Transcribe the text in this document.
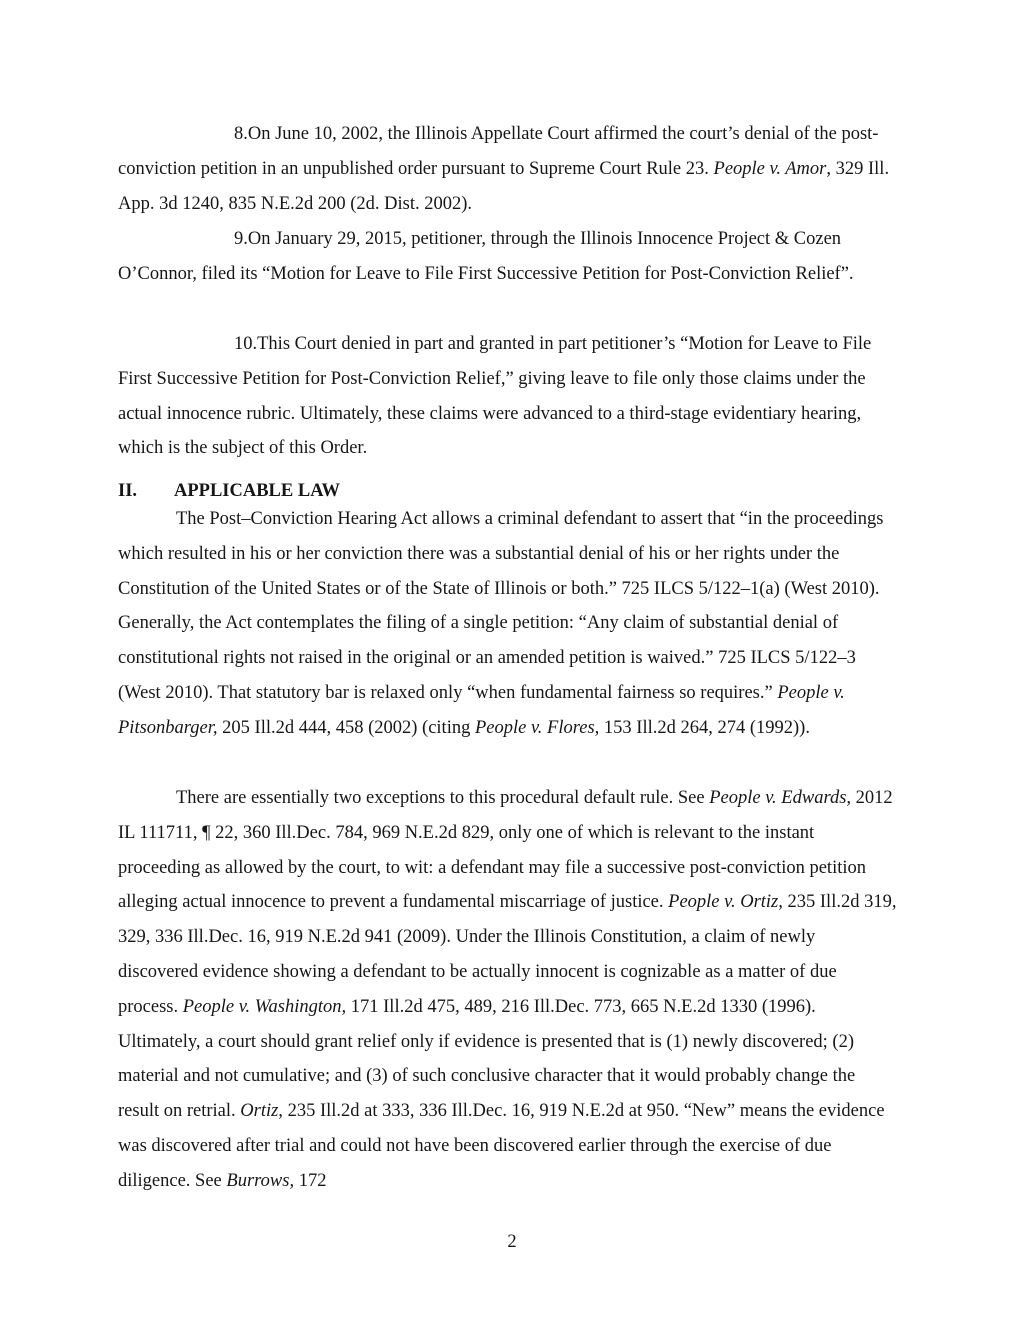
8.On June 10, 2002, the Illinois Appellate Court affirmed the court’s denial of the post-conviction petition in an unpublished order pursuant to Supreme Court Rule 23. People v. Amor, 329 Ill. App. 3d 1240, 835 N.E.2d 200 (2d. Dist. 2002).

9.On January 29, 2015, petitioner, through the Illinois Innocence Project & Cozen O’Connor, filed its “Motion for Leave to File First Successive Petition for Post-Conviction Relief”.

10.This Court denied in part and granted in part petitioner’s “Motion for Leave to File First Successive Petition for Post-Conviction Relief,” giving leave to file only those claims under the actual innocence rubric. Ultimately, these claims were advanced to a third-stage evidentiary hearing, which is the subject of this Order.

II. APPLICABLE LAW

The Post–Conviction Hearing Act allows a criminal defendant to assert that “in the proceedings which resulted in his or her conviction there was a substantial denial of his or her rights under the Constitution of the United States or of the State of Illinois or both.” 725 ILCS 5/122–1(a) (West 2010). Generally, the Act contemplates the filing of a single petition: “Any claim of substantial denial of constitutional rights not raised in the original or an amended petition is waived.” 725 ILCS 5/122–3 (West 2010). That statutory bar is relaxed only “when fundamental fairness so requires.” People v. Pitsonbarger, 205 Ill.2d 444, 458 (2002) (citing People v. Flores, 153 Ill.2d 264, 274 (1992)).

There are essentially two exceptions to this procedural default rule. See People v. Edwards, 2012 IL 111711, ¶ 22, 360 Ill.Dec. 784, 969 N.E.2d 829, only one of which is relevant to the instant proceeding as allowed by the court, to wit: a defendant may file a successive post-conviction petition alleging actual innocence to prevent a fundamental miscarriage of justice. People v. Ortiz, 235 Ill.2d 319, 329, 336 Ill.Dec. 16, 919 N.E.2d 941 (2009). Under the Illinois Constitution, a claim of newly discovered evidence showing a defendant to be actually innocent is cognizable as a matter of due process. People v. Washington, 171 Ill.2d 475, 489, 216 Ill.Dec. 773, 665 N.E.2d 1330 (1996). Ultimately, a court should grant relief only if evidence is presented that is (1) newly discovered; (2) material and not cumulative; and (3) of such conclusive character that it would probably change the result on retrial. Ortiz, 235 Ill.2d at 333, 336 Ill.Dec. 16, 919 N.E.2d at 950. “New” means the evidence was discovered after trial and could not have been discovered earlier through the exercise of due diligence. See Burrows, 172

2
